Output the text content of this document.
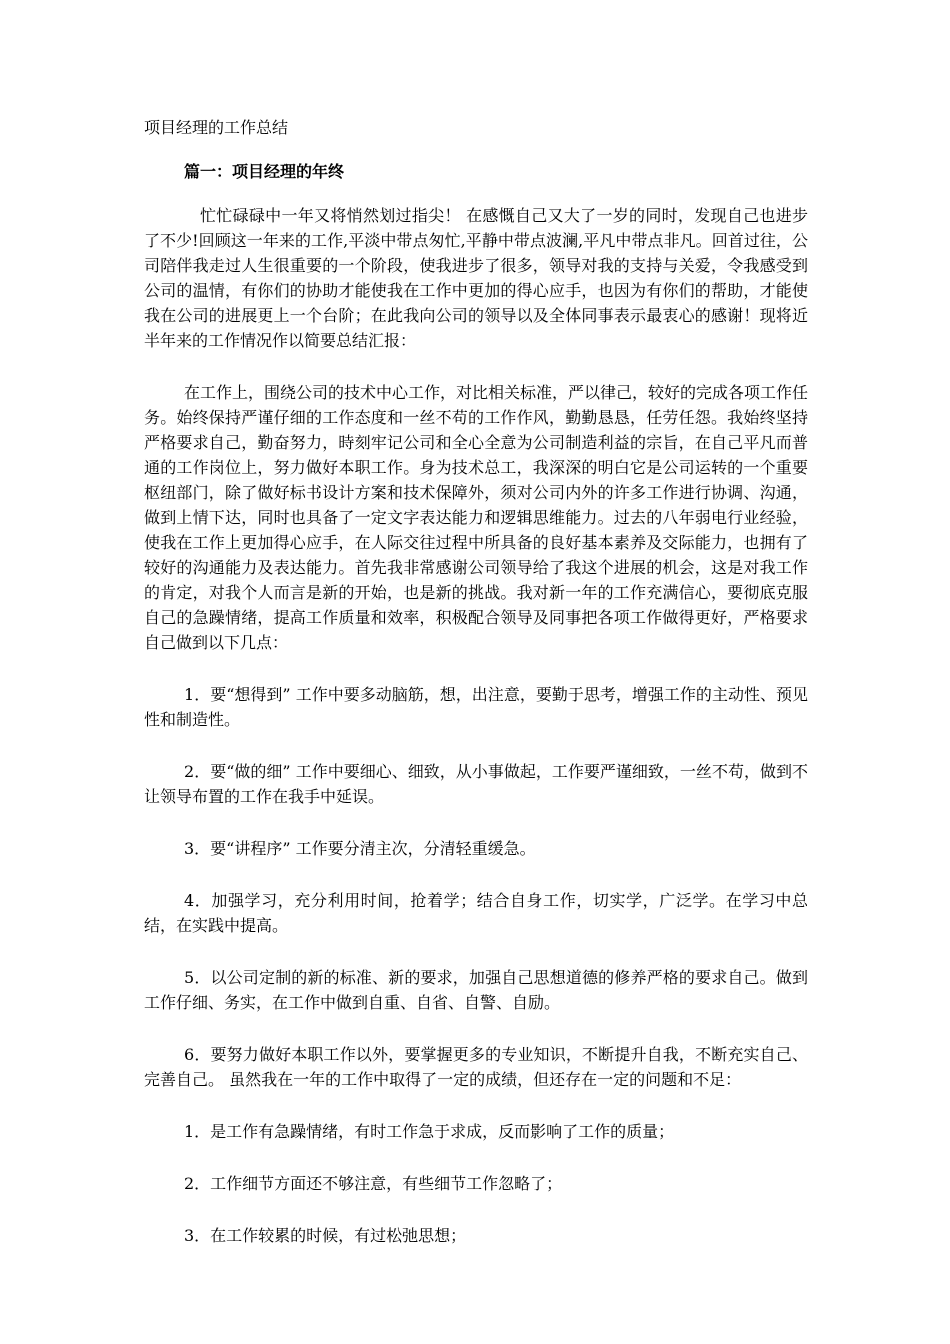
项目经理的工作总结
篇一：项目经理的年终

忙忙碌碌中一年又将悄然划过指尖！ 在感慨自己又大了一岁的同时，发现自己也进步了不少!回顾这一年来的工作,平淡中带点匆忙,平静中带点波澜,平凡中带点非凡。回首过往，公司陪伴我走过人生很重要的一个阶段，使我进步了很多，领导对我的支持与关爱，令我感受到公司的温情，有你们的协助才能使我在工作中更加的得心应手，也因为有你们的帮助，才能使我在公司的进展更上一个台阶；在此我向公司的领导以及全体同事表示最衷心的感谢！现将近半年来的工作情况作以简要总结汇报：

在工作上，围绕公司的技术中心工作，对比相关标准，严以律己，较好的完成各项工作任务。始终保持严谨仔细的工作态度和一丝不苟的工作作风，勤勤恳恳，任劳任怨。我始终坚持严格要求自己，勤奋努力，時刻牢记公司和全心全意为公司制造利益的宗旨，在自己平凡而普通的工作岗位上，努力做好本职工作。身为技术总工，我深深的明白它是公司运转的一个重要枢纽部门，除了做好标书设计方案和技术保障外，须对公司内外的许多工作进行协调、沟通，做到上情下达，同时也具备了一定文字表达能力和逻辑思维能力。过去的八年弱电行业经验，使我在工作上更加得心应手，在人际交往过程中所具备的良好基本素养及交际能力，也拥有了较好的沟通能力及表达能力。首先我非常感谢公司领导给了我这个进展的机会，这是对我工作的肯定，对我个人而言是新的开始，也是新的挑战。我对新一年的工作充满信心，要彻底克服自己的急躁情绪，提高工作质量和效率，积极配合领导及同事把各项工作做得更好，严格要求自己做到以下几点：

1．要“想得到” 工作中要多动脑筋，想，出注意，要勤于思考，增强工作的主动性、预见性和制造性。

2．要“做的细” 工作中要细心、细致，从小事做起，工作要严谨细致，一丝不苟，做到不让领导布置的工作在我手中延误。

3．要“讲程序” 工作要分清主次，分清轻重缓急。

4．加强学习，充分利用时间，抢着学；结合自身工作，切实学，广泛学。在学习中总结，在实践中提高。

5．以公司定制的新的标准、新的要求，加强自己思想道德的修养严格的要求自己。做到工作仔细、务实，在工作中做到自重、自省、自警、自励。

6．要努力做好本职工作以外，要掌握更多的专业知识，不断提升自我，不断充实自己、完善自己。 虽然我在一年的工作中取得了一定的成绩，但还存在一定的问题和不足：

1．是工作有急躁情绪，有时工作急于求成，反而影响了工作的质量；

2．工作细节方面还不够注意，有些细节工作忽略了；

3．在工作较累的时候，有过松弛思想；
